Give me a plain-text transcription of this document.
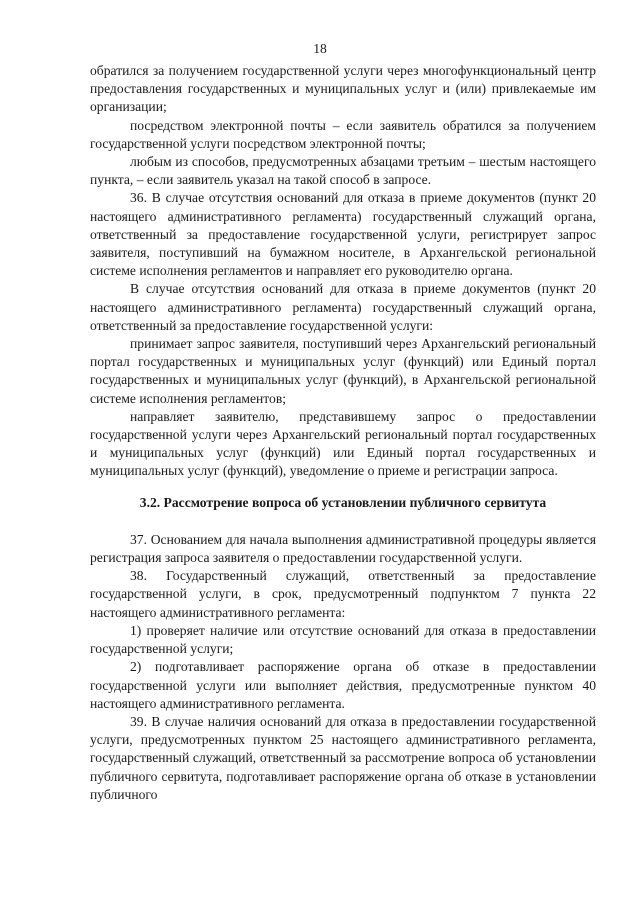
18

обратился за получением государственной услуги через многофункциональный центр предоставления государственных и муниципальных услуг и (или) привлекаемые им организации;

посредством электронной почты – если заявитель обратился за получением государственной услуги посредством электронной почты;

любым из способов, предусмотренных абзацами третьим – шестым настоящего пункта, – если заявитель указал на такой способ в запросе.

36. В случае отсутствия оснований для отказа в приеме документов (пункт 20 настоящего административного регламента) государственный служащий органа, ответственный за предоставление государственной услуги, регистрирует запрос заявителя, поступивший на бумажном носителе, в Архангельской региональной системе исполнения регламентов и направляет его руководителю органа.

В случае отсутствия оснований для отказа в приеме документов (пункт 20 настоящего административного регламента) государственный служащий органа, ответственный за предоставление государственной услуги:

принимает запрос заявителя, поступивший через Архангельский региональный портал государственных и муниципальных услуг (функций) или Единый портал государственных и муниципальных услуг (функций), в Архангельской региональной системе исполнения регламентов;

направляет заявителю, представившему запрос о предоставлении государственной услуги через Архангельский региональный портал государственных и муниципальных услуг (функций) или Единый портал государственных и муниципальных услуг (функций), уведомление о приеме и регистрации запроса.

3.2. Рассмотрение вопроса об установлении публичного сервитута

37. Основанием для начала выполнения административной процедуры является регистрация запроса заявителя о предоставлении государственной услуги.

38. Государственный служащий, ответственный за предоставление государственной услуги, в срок, предусмотренный подпунктом 7 пункта 22 настоящего административного регламента:

1) проверяет наличие или отсутствие оснований для отказа в предоставлении государственной услуги;

2) подготавливает распоряжение органа об отказе в предоставлении государственной услуги или выполняет действия, предусмотренные пунктом 40 настоящего административного регламента.

39. В случае наличия оснований для отказа в предоставлении государственной услуги, предусмотренных пунктом 25 настоящего административного регламента, государственный служащий, ответственный за рассмотрение вопроса об установлении публичного сервитута, подготавливает распоряжение органа об отказе в установлении публичного
